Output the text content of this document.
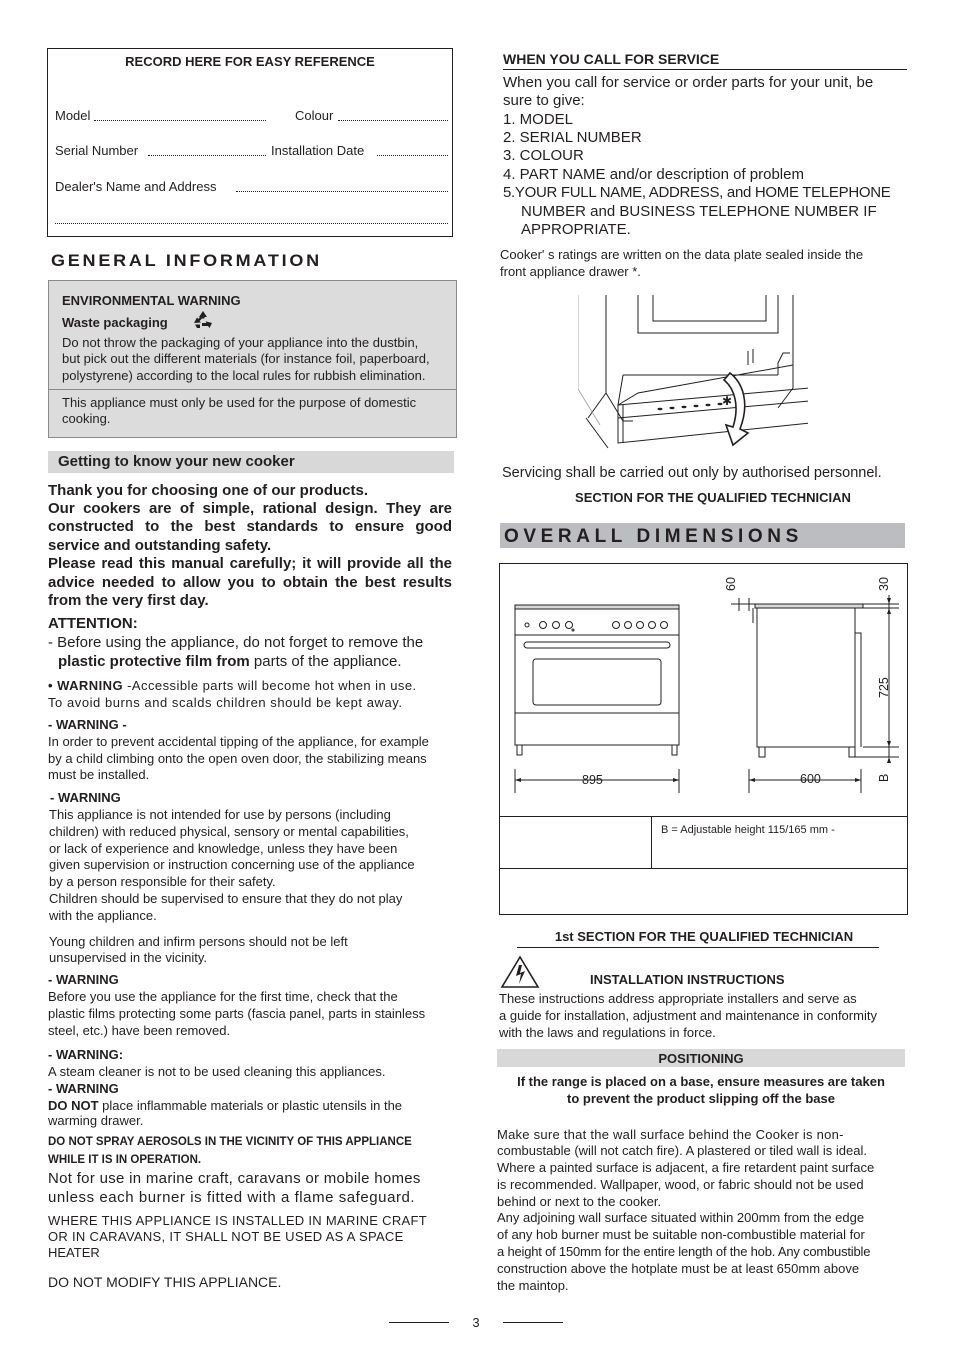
RECORD HERE FOR EASY REFERENCE
Model	Colour
Serial Number	Installation Date
Dealer's Name and Address
GENERAL INFORMATION
ENVIRONMENTAL WARNING
Waste packaging
Do not throw the packaging of your appliance into the dustbin,
but pick out the different materials (for instance foil, paperboard,
polystyrene) according to the local rules for rubbish elimination.
This appliance must only be used for the purpose of domestic
cooking.
Getting to know your new cooker
Thank you for choosing one of our products.
Our cookers are of simple, rational design. They are
constructed to the best standards to ensure good
service and outstanding safety.
Please read this manual carefully; it will provide all the
advice needed to allow you to obtain the best results
from the very first day.
ATTENTION:
- Before using the appliance, do not forget to remove the
plastic protective film from parts of the appliance.
• WARNING -Accessible parts will become hot when in use.
To avoid burns and scalds children should be kept away.
- WARNING -
In order to prevent accidental tipping of the appliance, for example
by a child climbing onto the open oven door, the stabilizing means
must be installed.
- WARNING
This appliance is not intended for use by persons (including
children) with reduced physical, sensory or mental capabilities,
or lack of experience and knowledge, unless they have been
given supervision or instruction concerning use of the appliance
by a person responsible for their safety.
Children should be supervised to ensure that they do not play
with the appliance.
Young children and infirm persons should not be left
unsupervised in the vicinity.
- WARNING
Before you use the appliance for the first time, check that the
plastic films protecting some parts (fascia panel, parts in stainless
steel, etc.) have been removed.
- WARNING:
A steam cleaner is not to be used cleaning this appliances.
- WARNING
DO NOT place inflammable materials or plastic utensils in the
warming drawer.
DO NOT SPRAY AEROSOLS IN THE VICINITY OF THIS APPLIANCE
WHILE IT IS IN OPERATION.
Not for use in marine craft, caravans or mobile homes
unless each burner is fitted with a flame safeguard.
WHERE THIS APPLIANCE IS INSTALLED IN MARINE CRAFT
OR IN CARAVANS, IT SHALL NOT BE USED AS A SPACE
HEATER
DO NOT MODIFY THIS APPLIANCE.
WHEN YOU CALL FOR SERVICE
When you call for service or order parts for your unit, be
sure to give:
1. MODEL
2. SERIAL NUMBER
3. COLOUR
4. PART NAME and/or description of problem
5.YOUR FULL NAME, ADDRESS, and HOME TELEPHONE
NUMBER and BUSINESS TELEPHONE NUMBER IF
APPROPRIATE.
Cooker' s ratings are written on the data plate sealed inside the
front appliance drawer *.
✱
Servicing shall be carried out only by authorised personnel.
SECTION FOR THE QUALIFIED TECHNICIAN
OVERALL DIMENSIONS
895	600
60	30
725
B
B = Adjustable height 115/165 mm -
1st SECTION FOR THE QUALIFIED TECHNICIAN
INSTALLATION INSTRUCTIONS
These instructions address appropriate installers and serve as
a guide for installation, adjustment and maintenance in conformity
with the laws and regulations in force.
POSITIONING
If the range is placed on a base, ensure measures are taken
to prevent the product slipping off the base
Make sure that the wall surface behind the Cooker is non-
combustable (will not catch fire). A plastered or tiled wall is ideal.
Where a painted surface is adjacent, a fire retardent paint surface
is recommended. Wallpaper, wood, or fabric should not be used
behind or next to the cooker.
Any adjoining wall surface situated within 200mm from the edge
of any hob burner must be suitable non-combustible material for
a height of 150mm for the entire length of the hob. Any combustible
construction above the hotplate must be at least 650mm above
the maintop.
3
